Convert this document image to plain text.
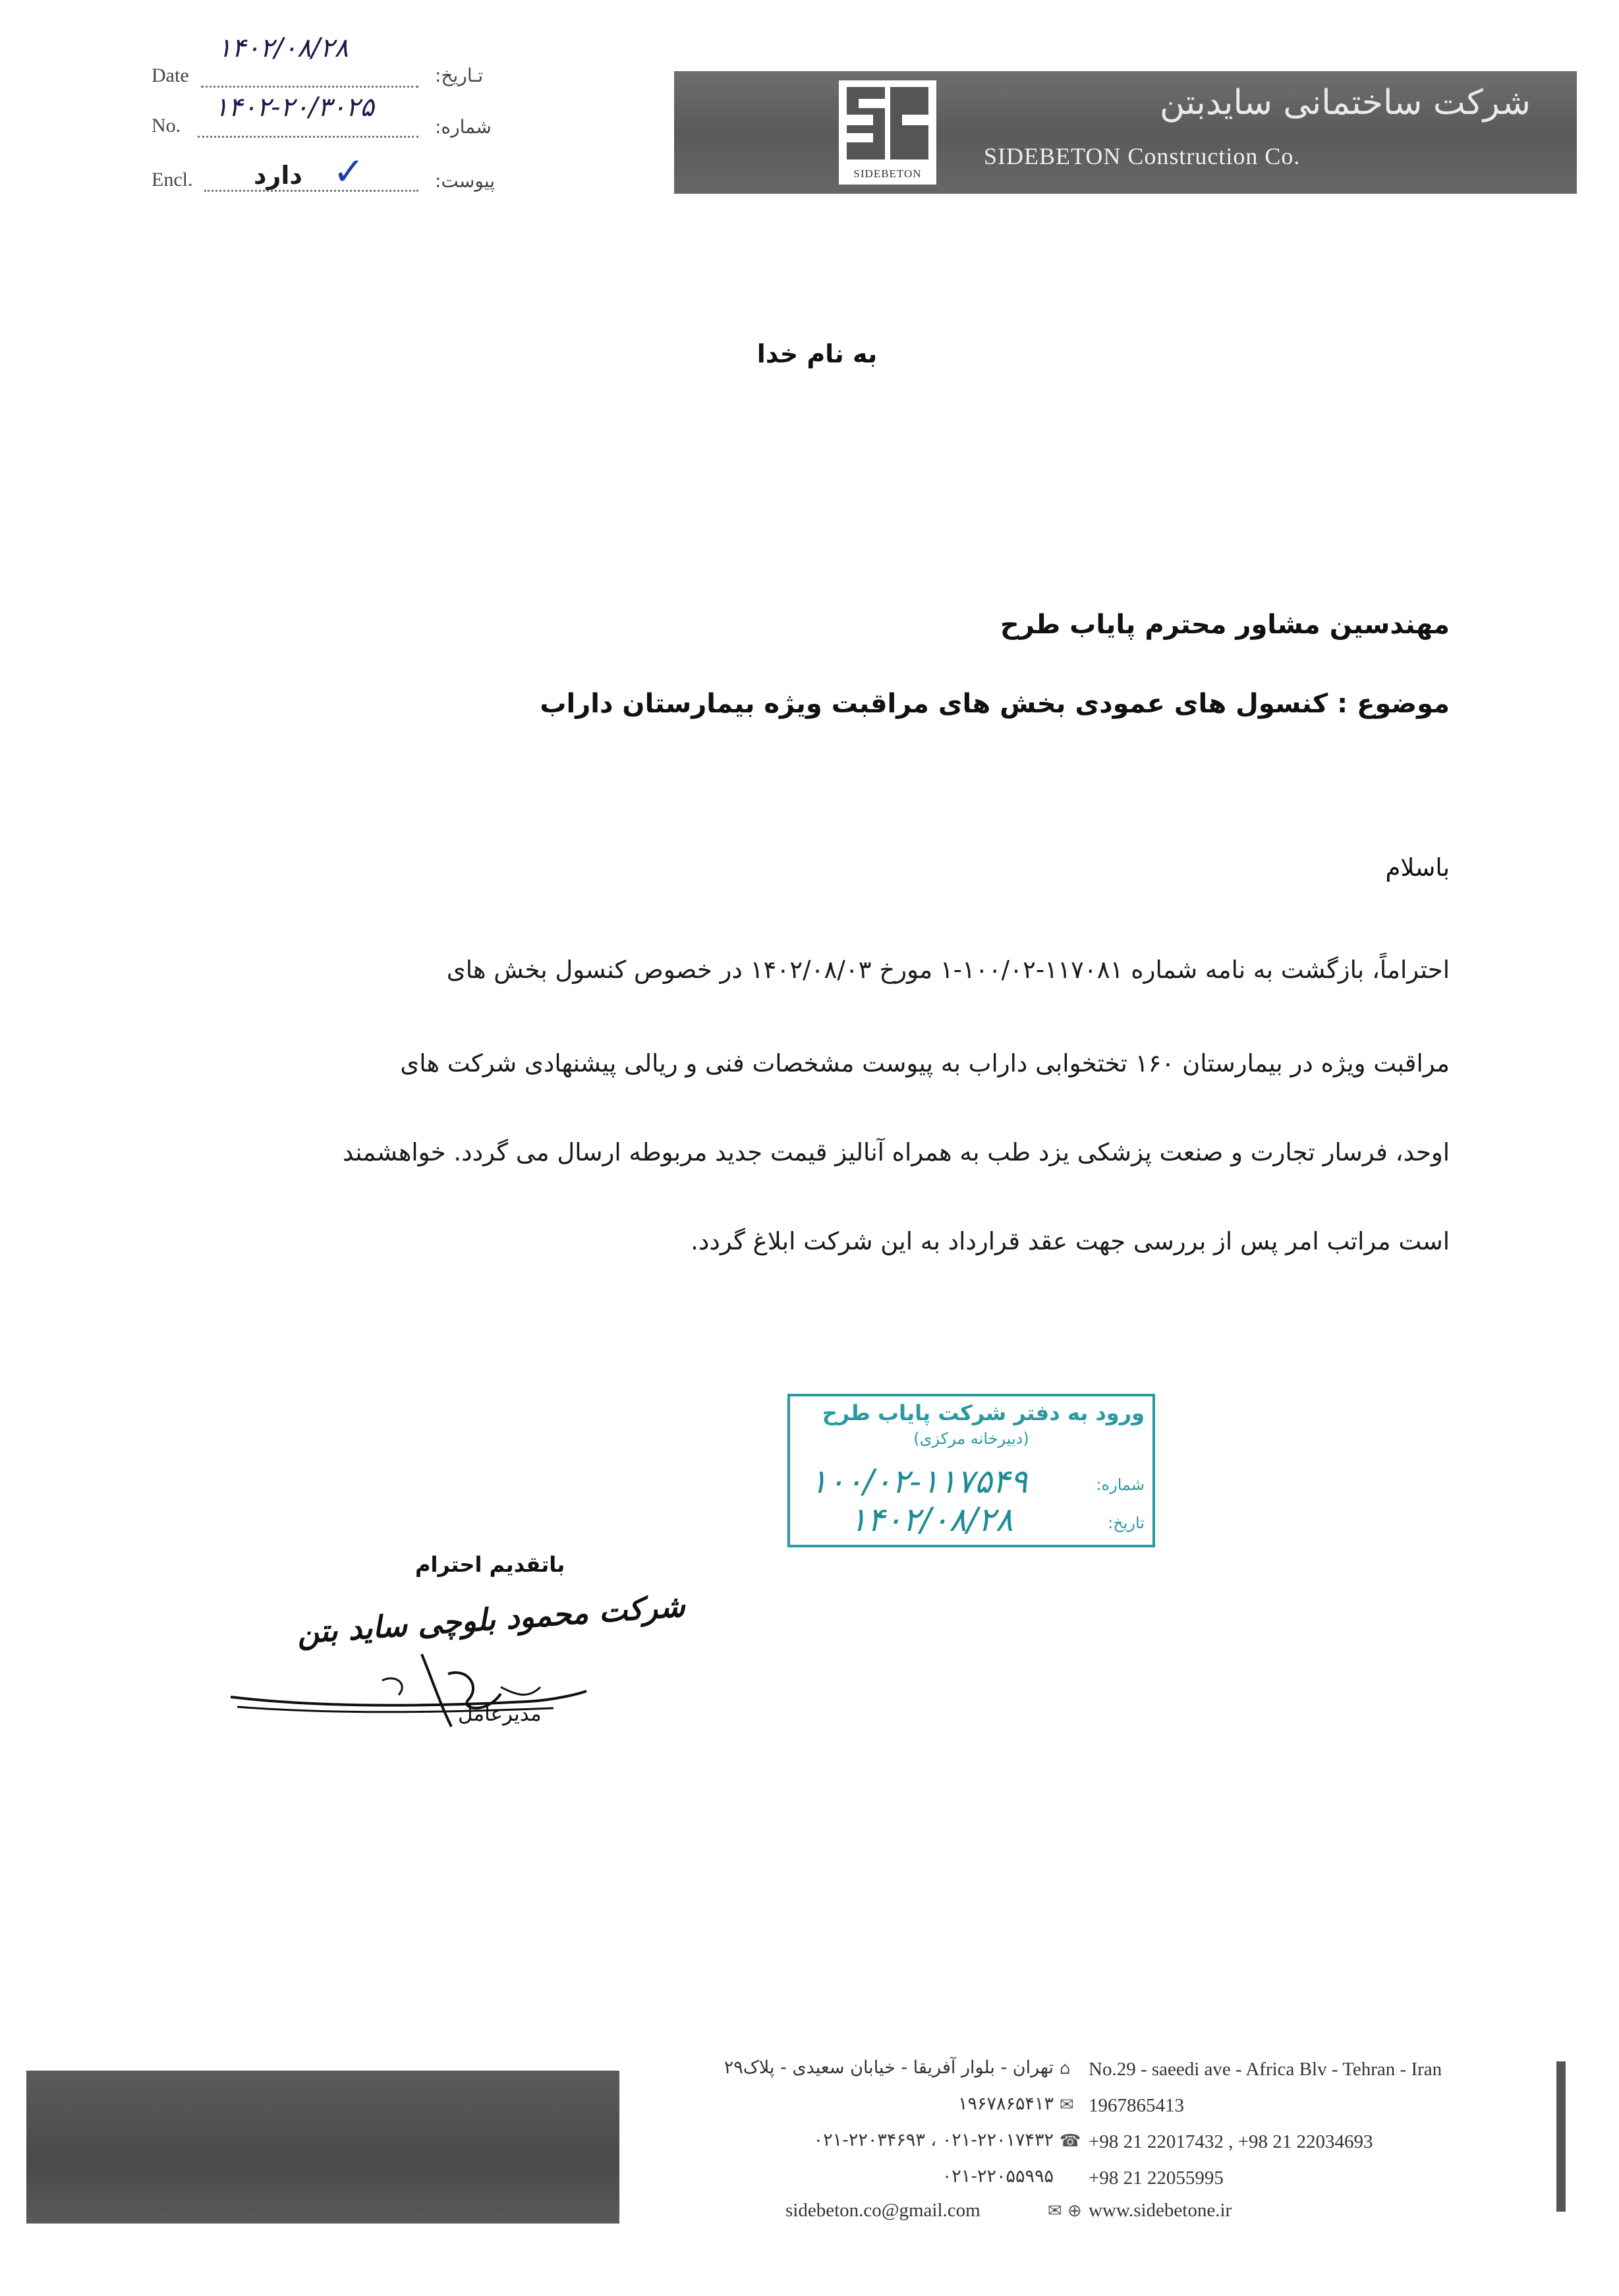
Date	تـاریخ:
۱۴۰۲/۰۸/۲۸
No.	شماره:
۱۴۰۲-۲۰/۳۰۲۵
Encl.	پیوست:
دارد ✓	SIDEBETON
شرکت ساختمانی سایدبتن
SIDEBETON Construction Co.
به نام خدا
مهندسین مشاور محترم پایاب طرح
موضوع : کنسول های عمودی بخش های مراقبت ویژه بیمارستان داراب
باسلام
احتراماً، بازگشت به نامه شماره ۱۱۷۰۸۱-۱۰۰/۰۲-۱ مورخ ۱۴۰۲/۰۸/۰۳ در خصوص کنسول بخش های
مراقبت ویژه در بیمارستان ۱۶۰ تختخوابی داراب به پیوست مشخصات فنی و ریالی پیشنهادی شرکت های
اوحد، فرسار تجارت و صنعت پزشکی یزد طب به همراه آنالیز قیمت جدید مربوطه ارسال می گردد. خواهشمند
است مراتب امر پس از بررسی جهت عقد قرارداد به این شرکت ابلاغ گردد.
ورود به دفتر شرکت پایاب طرح
(دبیرخانه مرکزی)
شماره:
۱۰۰/۰۲-۱۱۷۵۴۹
تاریخ:
۱۴۰۲/۰۸/۲۸
باتقدیم احترام
شرکت محمود بلوچی ساید بتن
مدیرعامل
تهران - بلوار آفریقا - خیابان سعیدی - پلاک۲۹ ⌂ No.29 - saeedi ave - Africa Blv - Tehran - Iran
۱۹۶۷۸۶۵۴۱۳ ✉ 1967865413
۰۲۱-۲۲۰۱۷۴۳۲ ، ۰۲۱-۲۲۰۳۴۶۹۳ ☎ +98 21 22017432 , +98 21 22034693
۰۲۱-۲۲۰۵۵۹۹۵ +98 21 22055995
sidebeton.co@gmail.com	✉ ⊕ www.sidebetone.ir
